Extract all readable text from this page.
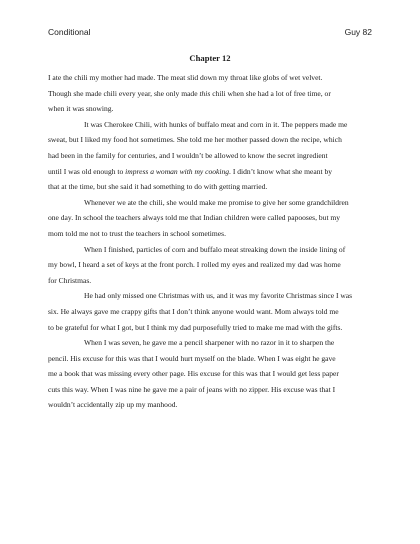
Conditional	Guy 82
Chapter 12
I ate the chili my mother had made. The meat slid down my throat like globs of wet velvet.
Though she made chili every year, she only made this chili when she had a lot of free time, or
when it was snowing.
It was Cherokee Chili, with hunks of buffalo meat and corn in it. The peppers made me
sweat, but I liked my food hot sometimes. She told me her mother passed down the recipe, which
had been in the family for centuries, and I wouldn’t be allowed to know the secret ingredient
until I was old enough to impress a woman with my cooking. I didn’t know what she meant by
that at the time, but she said it had something to do with getting married.
Whenever we ate the chili, she would make me promise to give her some grandchildren
one day. In school the teachers always told me that Indian children were called papooses, but my
mom told me not to trust the teachers in school sometimes.
When I finished, particles of corn and buffalo meat streaking down the inside lining of
my bowl, I heard a set of keys at the front porch. I rolled my eyes and realized my dad was home
for Christmas.
He had only missed one Christmas with us, and it was my favorite Christmas since I was
six. He always gave me crappy gifts that I don’t think anyone would want. Mom always told me
to be grateful for what I got, but I think my dad purposefully tried to make me mad with the gifts.
When I was seven, he gave me a pencil sharpener with no razor in it to sharpen the
pencil. His excuse for this was that I would hurt myself on the blade. When I was eight he gave
me a book that was missing every other page. His excuse for this was that I would get less paper
cuts this way. When I was nine he gave me a pair of jeans with no zipper. His excuse was that I
wouldn’t accidentally zip up my manhood.
